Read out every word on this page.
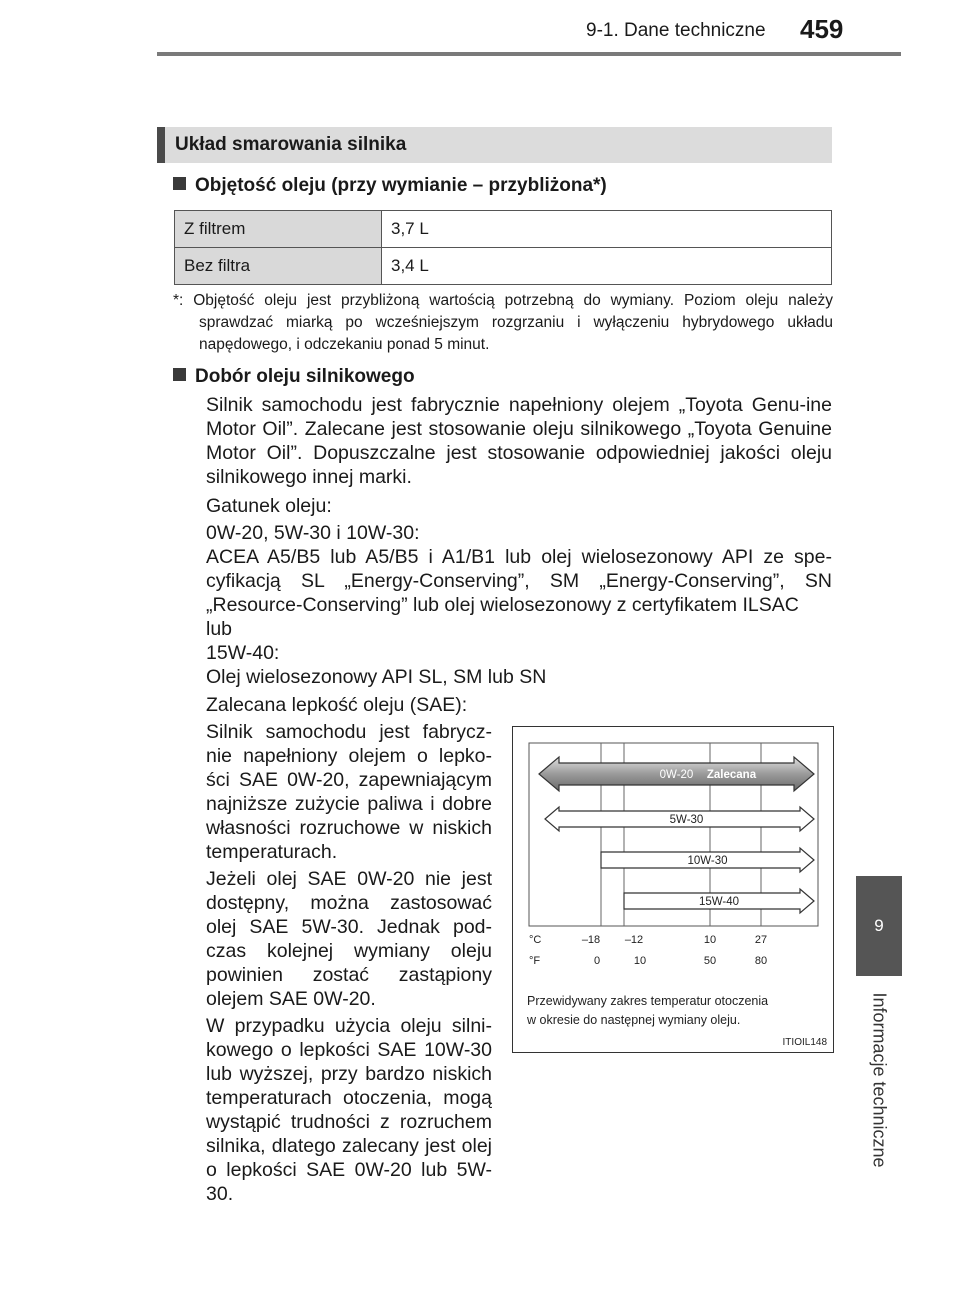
9-1. Dane techniczne 459
9
Informacje techniczne
Układ smarowania silnika
Objętość oleju (przy wymianie – przybliżona*)
Z filtrem	3,7 L
Bez filtra	3,4 L
*: Objętość oleju jest przybliżoną wartością potrzebną do wymiany. Poziom oleju należy sprawdzać miarką po wcześniejszym rozgrzaniu i wyłączeniu hybrydowego układu napędowego, i odczekaniu ponad 5 minut.
Dobór oleju silnikowego
Silnik samochodu jest fabrycznie napełniony olejem „Toyota Genu-ine Motor Oil”. Zalecane jest stosowanie oleju silnikowego „Toyota Genuine Motor Oil”. Dopuszczalne jest stosowanie odpowiedniej jakości oleju silnikowego innej marki.
Gatunek oleju:
0W-20, 5W-30 i 10W-30:
ACEA A5/B5 lub A5/B5 i A1/B1 lub olej wielosezonowy API ze spe-cyfikacją SL „Energy-Conserving”, SM „Energy-Conserving”, SN „Resource-Conserving” lub olej wielosezonowy z certyfikatem ILSAC
lub
15W-40:
Olej wielosezonowy API SL, SM lub SN
Zalecana lepkość oleju (SAE):
Silnik samochodu jest fabrycz-nie napełniony olejem o lepko-ści SAE 0W-20, zapewniającym najniższe zużycie paliwa i dobre własności rozruchowe w niskich temperaturach.
Jeżeli olej SAE 0W-20 nie jest dostępny, można zastosować olej SAE 5W-30. Jednak pod-czas kolejnej wymiany oleju powinien zostać zastąpiony olejem SAE 0W-20.
W przypadku użycia oleju silni-kowego o lepkości SAE 10W-30 lub wyższej, przy bardzo niskich temperaturach otoczenia, mogą wystąpić trudności z rozruchem silnika, dlatego zalecany jest olej o lepkości SAE 0W-20 lub 5W-30.
0W-20 Zalecana
5W-30
10W-30
15W-40
°C
°F
–18 –12	10	27
0	10	50	80
Przewidywany zakres temperatur otoczenia
w okresie do następnej wymiany oleju.
ITIOIL148
